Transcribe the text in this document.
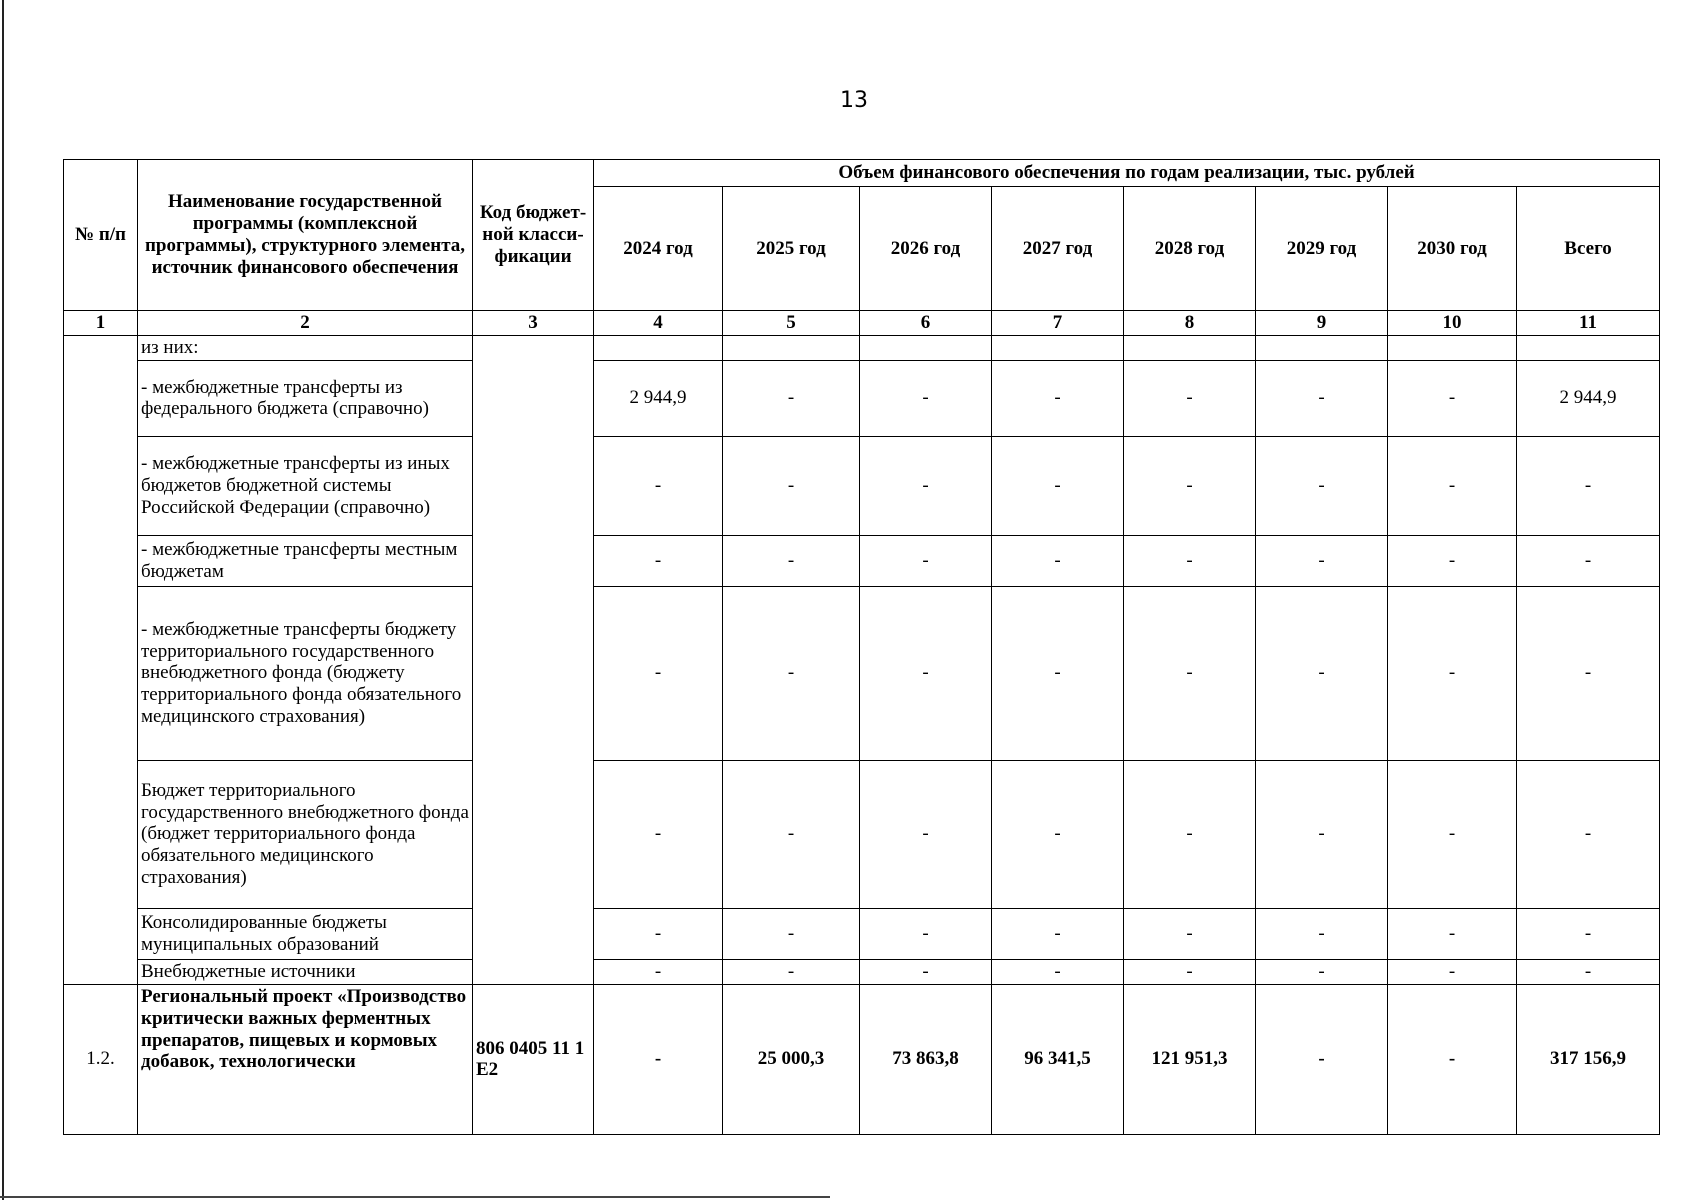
13
№ п/п	Наименование государственной программы (комплексной программы), структурного элемента, источник финансового обеспечения	Код бюджет-ной класси-фикации	Объем финансового обеспечения по годам реализации, тыс. рублей							
			2024 год	2025 год	2026 год	2027 год	2028 год	2029 год	2030 год	Всего
1	2	3	4	5	6	7	8	9	10	11
	из них:									
	- межбюджетные трансферты из федерального бюджета (справочно)		2 944,9	-	-	-	-	-	-	2 944,9
	- межбюджетные трансферты из иных бюджетов бюджетной системы Российской Федерации (справочно)		-	-	-	-	-	-	-	-
	- межбюджетные трансферты местным бюджетам		-	-	-	-	-	-	-	-
	- межбюджетные трансферты бюджету территориального государственного внебюджетного фонда (бюджету территориального фонда обязательного медицинского страхования)		-	-	-	-	-	-	-	-
	Бюджет территориального государственного внебюджетного фонда (бюджет территориального фонда обязательного медицинского страхования)		-	-	-	-	-	-	-	-
	Консолидированные бюджеты муниципальных образований		-	-	-	-	-	-	-	-
	Внебюджетные источники		-	-	-	-	-	-	-	-
1.2.	Региональный проект «Производство критически важных ферментных препаратов, пищевых и кормовых добавок, технологически	806 0405 11 1 E2	-	25 000,3	73 863,8	96 341,5	121 951,3	-	-	317 156,9
